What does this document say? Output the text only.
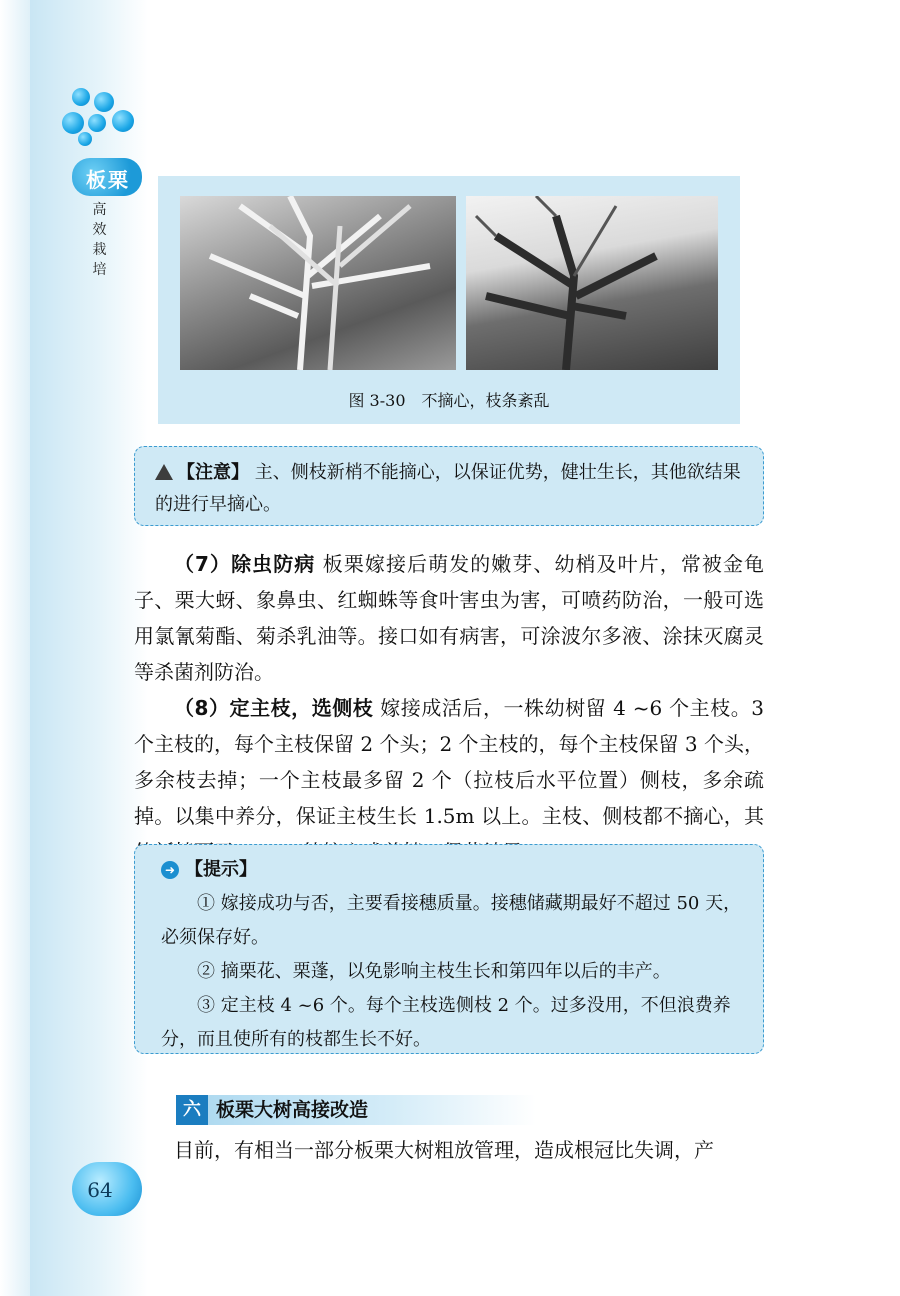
板栗
高
效
栽
培
图 3-30　不摘心，枝条紊乱
【注意】 主、侧枝新梢不能摘心，以保证优势，健壮生长，其他欲结果的进行早摘心。
（7）除虫防病 板栗嫁接后萌发的嫩芽、幼梢及叶片，常被金龟子、栗大蚜、象鼻虫、红蜘蛛等食叶害虫为害，可喷药防治，一般可选用氯氰菊酯、菊杀乳油等。接口如有病害，可涂波尔多液、涂抹灭腐灵等杀菌剂防治。
（8）定主枝，选侧枝 嫁接成活后，一株幼树留 4 ~6 个主枝。3 个主枝的，每个主枝保留 2 个头；2 个主枝的，每个主枝保留 3 个头，多余枝去掉；一个主枝最多留 2 个（拉枝后水平位置）侧枝，多余疏掉。以集中养分，保证主枝生长 1.5m 以上。主枝、侧枝都不摘心，其
➜ 【提示】
① 嫁接成功与否，主要看接穗质量。接穗储藏期最好不超过 50 天，必须保存好。
② 摘栗花、栗蓬，以免影响主枝生长和第四年以后的丰产。
③ 定主枝 4 ~6 个。每个主枝选侧枝 2 个。过多没用，不但浪费养分，而且使所有的枝都生长不好。
六 板栗大树高接改造
目前，有相当一部分板栗大树粗放管理，造成根冠比失调，产
64
